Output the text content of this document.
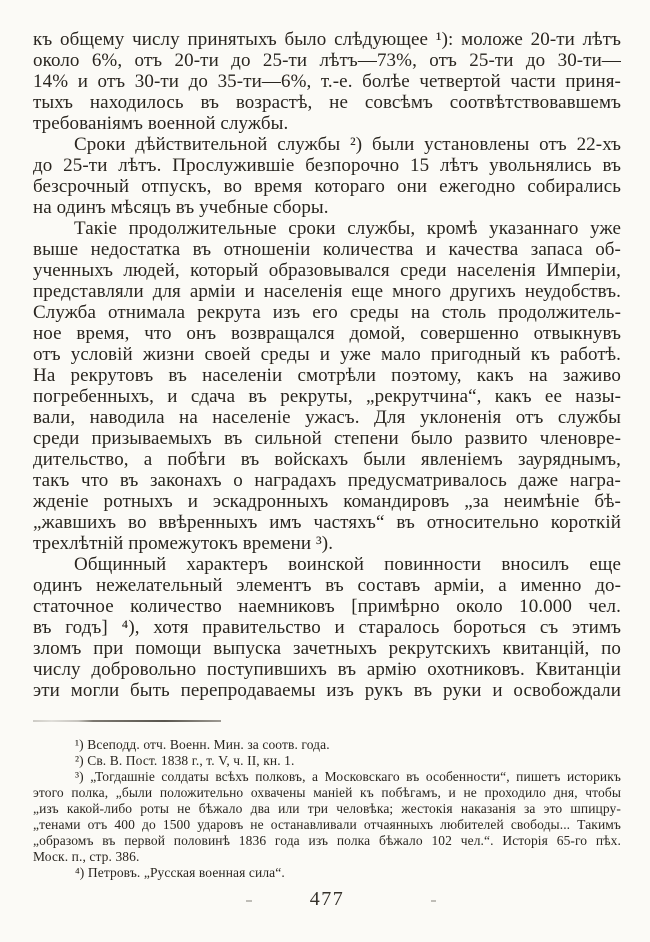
къ общему числу принятыхъ было слѣдующее ¹): моложе 20-ти лѣтъ
около 6%, отъ 20-ти до 25-ти лѣтъ—73%, отъ 25-ти до 30-ти—
14% и отъ 30-ти до 35-ти—6%, т.-е. болѣе четвертой части приня-
тыхъ находилось въ возрастѣ, не совсѣмъ соотвѣтствовавшемъ
требованіямъ военной службы.
Сроки дѣйствительной службы ²) были установлены отъ 22-хъ
до 25-ти лѣтъ. Прослужившіе безпорочно 15 лѣтъ увольнялись въ
безсрочный отпускъ, во время котораго они ежегодно собирались
на одинъ мѣсяцъ въ учебные сборы.
Такіе продолжительные сроки службы, кромѣ указаннаго уже
выше недостатка въ отношеніи количества и качества запаса об-
ученныхъ людей, который образовывался среди населенія Имперіи,
представляли для арміи и населенія еще много другихъ неудобствъ.
Служба отнимала рекрута изъ его среды на столь продолжитель-
ное время, что онъ возвращался домой, совершенно отвыкнувъ
отъ условій жизни своей среды и уже мало пригодный къ работѣ.
На рекрутовъ въ населеніи смотрѣли поэтому, какъ на заживо
погребенныхъ, и сдача въ рекруты, „рекрутчина“, какъ ее назы-
вали, наводила на населеніе ужасъ. Для уклоненія отъ службы
среди призываемыхъ въ сильной степени было развито членовре-
дительство, а побѣги въ войскахъ были явленіемъ зауряднымъ,
такъ что въ законахъ о наградахъ предусматривалось даже награ-
жденіе ротныхъ и эскадронныхъ командировъ „за неимѣніе бѣ-
„жавшихъ во ввѣренныхъ имъ частяхъ“ въ относительно короткій
трехлѣтній промежутокъ времени ³).
Общинный характеръ воинской повинности вносилъ еще
одинъ нежелательный элементъ въ составъ арміи, а именно до-
статочное количество наемниковъ [примѣрно около 10.000 чел.
въ годъ] ⁴), хотя правительство и старалось бороться съ этимъ
зломъ при помощи выпуска зачетныхъ рекрутскихъ квитанцій, по
числу добровольно поступившихъ въ армію охотниковъ. Квитанціи
эти могли быть перепродаваемы изъ рукъ въ руки и освобождали
¹) Всеподд. отч. Военн. Мин. за соотв. года.
²) Св. В. Пост. 1838 г., т. V, ч. II, кн. 1.
³) „Тогдашніе солдаты всѣхъ полковъ, а Московскаго въ особенности“, пишетъ историкъ
этого полка, „были положительно охвачены маніей къ побѣгамъ, и не проходило дня, чтобы
„изъ какой-либо роты не бѣжало два или три человѣка; жестокія наказанія за это шпицру-
„тенами отъ 400 до 1500 ударовъ не останавливали отчаянныхъ любителей свободы... Такимъ
„образомъ въ первой половинѣ 1836 года изъ полка бѣжало 102 чел.“. Исторія 65-го пѣх.
Моск. п., стр. 386.
⁴) Петровъ. „Русская военная сила“.
477
